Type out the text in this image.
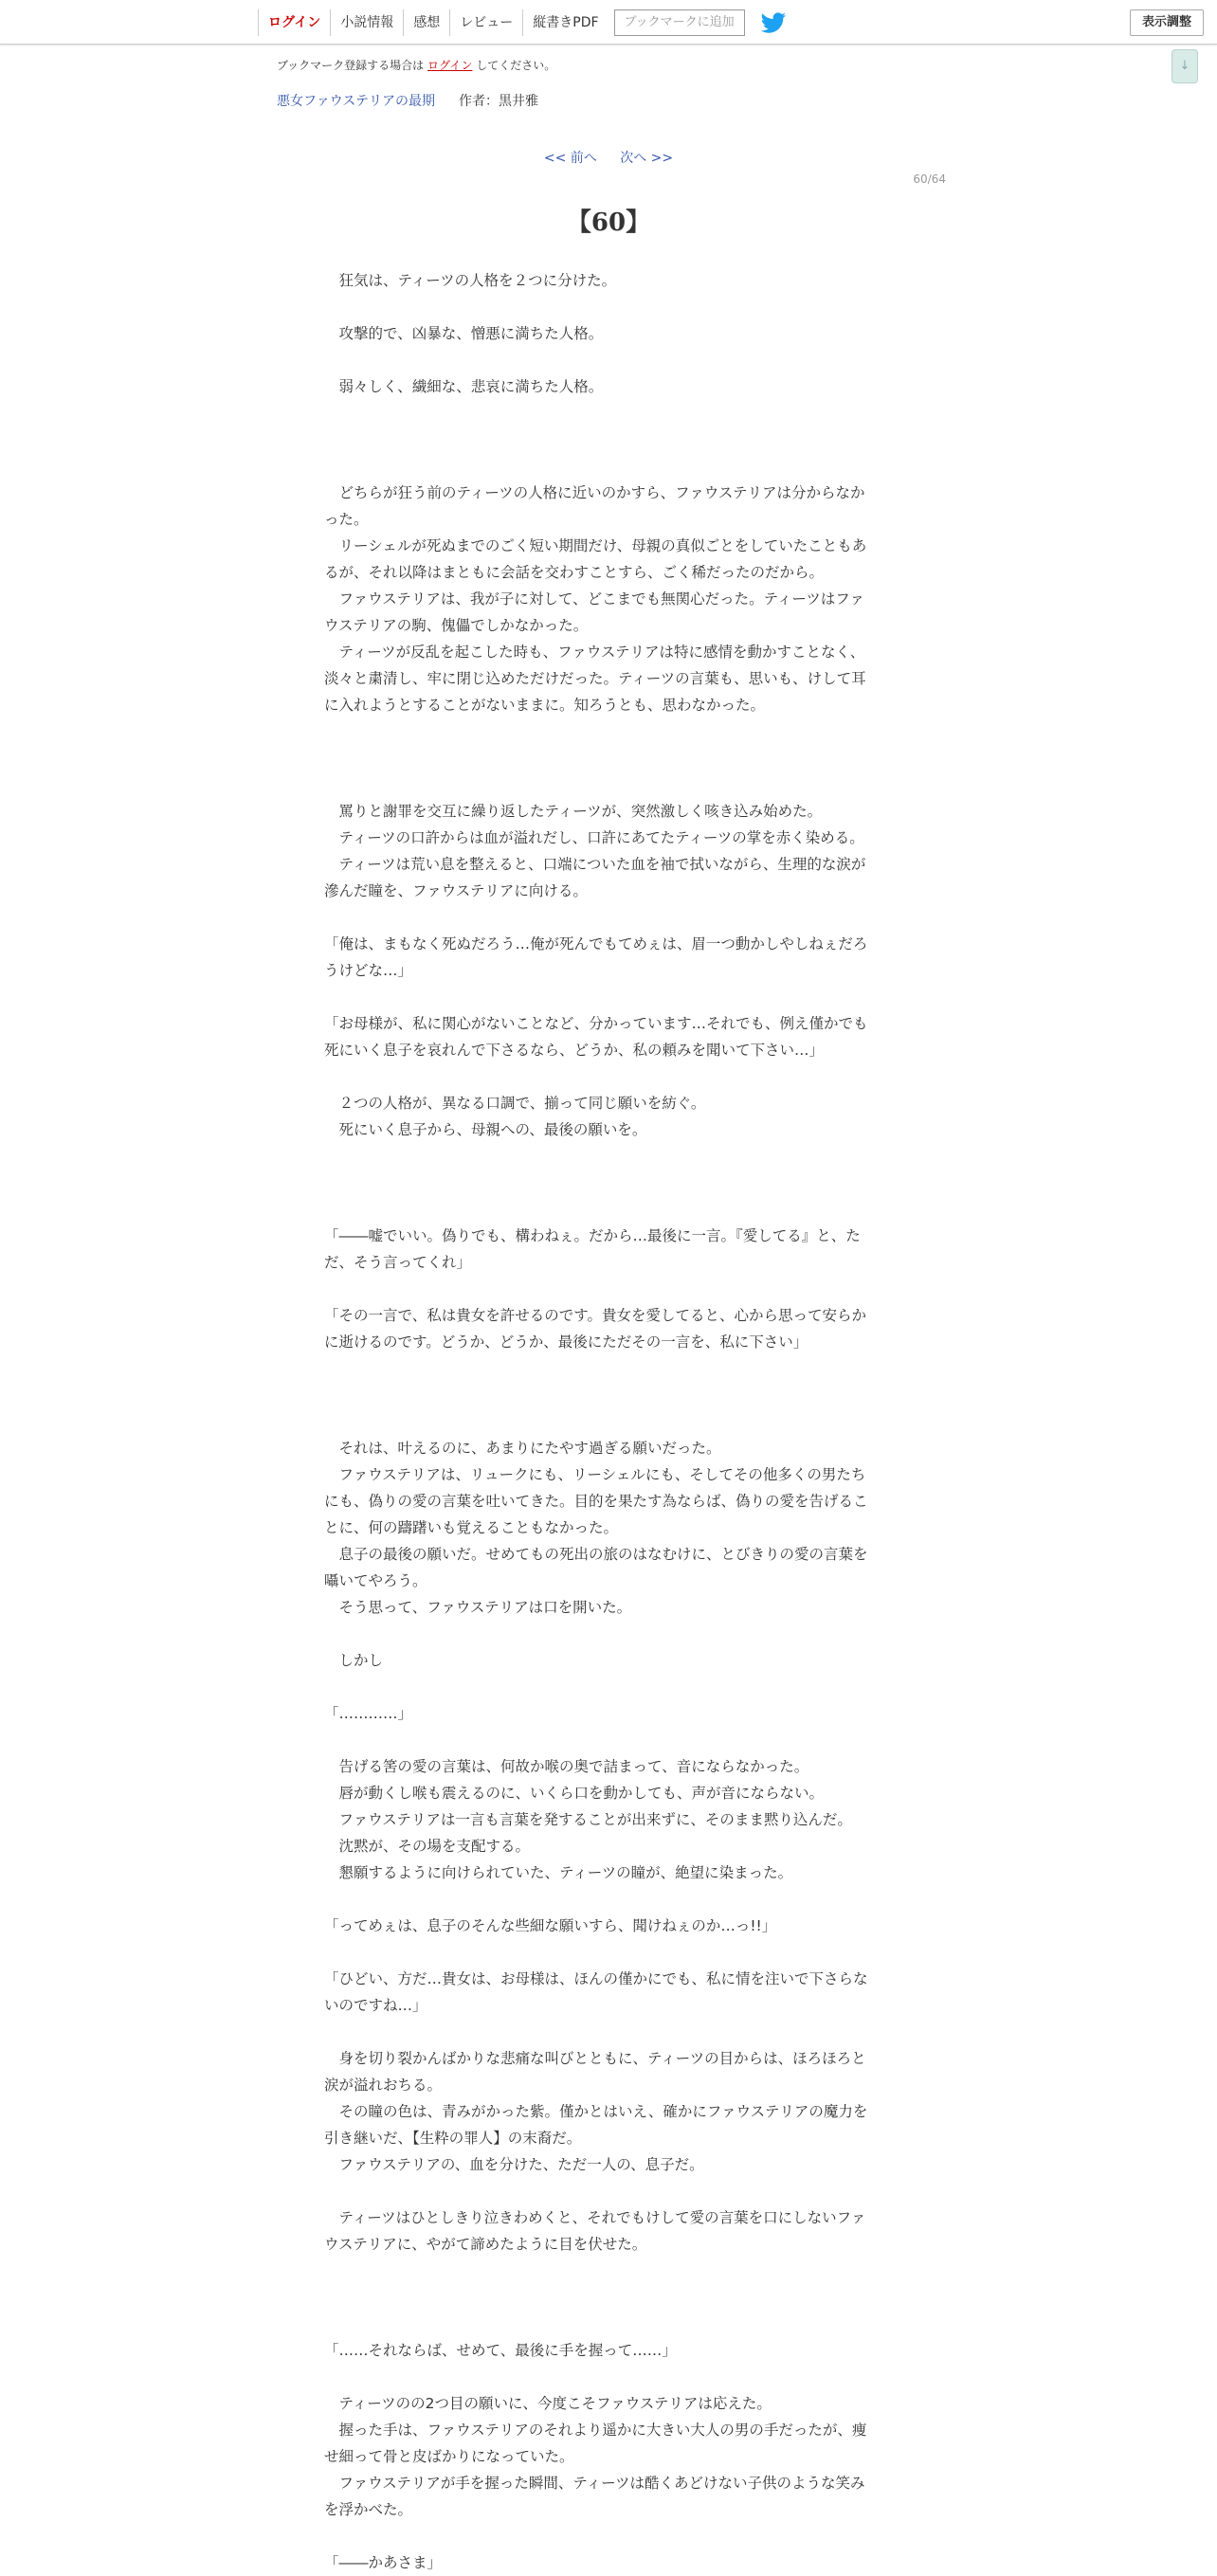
ログイン	小説情報	感想	レビュー	縦書きPDF	ブックマークに追加	表示調整
↓
ブックマーク登録する場合は ログイン してください。
悪女ファウステリアの最期 作者：黒井雅
<< 前へ 次へ >>
60/64
【60】

　狂気は、ティーツの人格を２つに分けた。

　攻撃的で、凶暴な、憎悪に満ちた人格。

　弱々しく、繊細な、悲哀に満ちた人格。

　どちらが狂う前のティーツの人格に近いのかすら、ファウステリアは分からなか

った。

　リーシェルが死ぬまでのごく短い期間だけ、母親の真似ごとをしていたこともあ

るが、それ以降はまともに会話を交わすことすら、ごく稀だったのだから。

　ファウステリアは、我が子に対して、どこまでも無関心だった。ティーツはファ

ウステリアの駒、傀儡でしかなかった。

　ティーツが反乱を起こした時も、ファウステリアは特に感情を動かすことなく、

淡々と粛清し、牢に閉じ込めただけだった。ティーツの言葉も、思いも、けして耳

に入れようとすることがないままに。知ろうとも、思わなかった。

　罵りと謝罪を交互に繰り返したティーツが、突然激しく咳き込み始めた。

　ティーツの口許からは血が溢れだし、口許にあてたティーツの掌を赤く染める。

　ティーツは荒い息を整えると、口端についた血を袖で拭いながら、生理的な涙が

滲んだ瞳を、ファウステリアに向ける。

「俺は、まもなく死ぬだろう…俺が死んでもてめぇは、眉一つ動かしやしねぇだろ

うけどな…」

「お母様が、私に関心がないことなど、分かっています…それでも、例え僅かでも

死にいく息子を哀れんで下さるなら、どうか、私の頼みを聞いて下さい…」

　２つの人格が、異なる口調で、揃って同じ願いを紡ぐ。

　死にいく息子から、母親への、最後の願いを。

「――嘘でいい。偽りでも、構わねぇ。だから…最後に一言。『愛してる』と、た

だ、そう言ってくれ」

「その一言で、私は貴女を許せるのです。貴女を愛してると、心から思って安らか

に逝けるのです。どうか、どうか、最後にただその一言を、私に下さい」

　それは、叶えるのに、あまりにたやす過ぎる願いだった。

　ファウステリアは、リュークにも、リーシェルにも、そしてその他多くの男たち

にも、偽りの愛の言葉を吐いてきた。目的を果たす為ならば、偽りの愛を告げるこ

とに、何の躊躇いも覚えることもなかった。

　息子の最後の願いだ。せめてもの死出の旅のはなむけに、とびきりの愛の言葉を

囁いてやろう。

　そう思って、ファウステリアは口を開いた。

　しかし

「…………」

　告げる筈の愛の言葉は、何故か喉の奥で詰まって、音にならなかった。

　唇が動くし喉も震えるのに、いくら口を動かしても、声が音にならない。

　ファウステリアは一言も言葉を発することが出来ずに、そのまま黙り込んだ。

　沈黙が、その場を支配する。

　懇願するように向けられていた、ティーツの瞳が、絶望に染まった。

「ってめぇは、息子のそんな些細な願いすら、聞けねぇのか…っ!!」

「ひどい、方だ…貴女は、お母様は、ほんの僅かにでも、私に情を注いで下さらな

いのですね…」

　身を切り裂かんばかりな悲痛な叫びとともに、ティーツの目からは、ほろほろと

涙が溢れおちる。

　その瞳の色は、青みがかった紫。僅かとはいえ、確かにファウステリアの魔力を

引き継いだ、【生粋の罪人】の末裔だ。

　ファウステリアの、血を分けた、ただ一人の、息子だ。

　ティーツはひとしきり泣きわめくと、それでもけして愛の言葉を口にしないファ

ウステリアに、やがて諦めたように目を伏せた。

「……それならば、せめて、最後に手を握って……」

　ティーツのの2つ目の願いに、今度こそファウステリアは応えた。

　握った手は、ファウステリアのそれより遥かに大きい大人の男の手だったが、痩

せ細って骨と皮ばかりになっていた。

　ファウステリアが手を握った瞬間、ティーツは酷くあどけない子供のような笑み

を浮かべた。

「――かあさま」
